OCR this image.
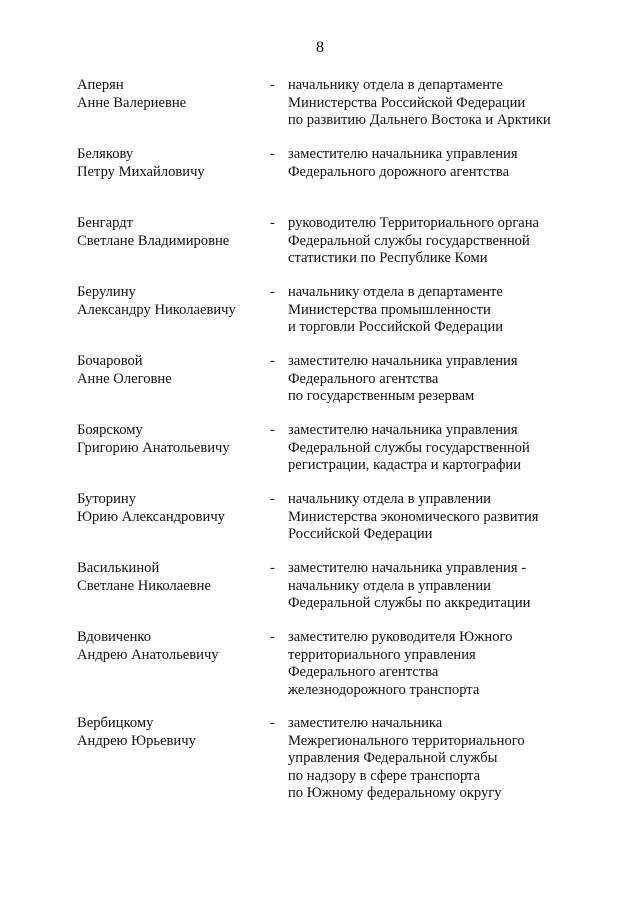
8
Аперян
Анне Валериевне
- начальнику отдела в департаменте
Министерства Российской Федерации
по развитию Дальнего Востока и Арктики
Белякову
Петру Михайловичу
- заместителю начальника управления
Федерального дорожного агентства
Бенгардт
Светлане Владимировне
- руководителю Территориального органа
Федеральной службы государственной
статистики по Республике Коми
Берулину
Александру Николаевичу
- начальнику отдела в департаменте
Министерства промышленности
и торговли Российской Федерации
Бочаровой
Анне Олеговне
- заместителю начальника управления
Федерального агентства
по государственным резервам
Боярскому
Григорию Анатольевичу
- заместителю начальника управления
Федеральной службы государственной
регистрации, кадастра и картографии
Буторину
Юрию Александровичу
- начальнику отдела в управлении
Министерства экономического развития
Российской Федерации
Василькиной
Светлане Николаевне
- заместителю начальника управления -
начальнику отдела в управлении
Федеральной службы по аккредитации
Вдовиченко
Андрею Анатольевичу
- заместителю руководителя Южного
территориального управления
Федерального агентства
железнодорожного транспорта
Вербицкому
Андрею Юрьевичу
- заместителю начальника
Межрегионального территориального
управления Федеральной службы
по надзору в сфере транспорта
по Южному федеральному округу
